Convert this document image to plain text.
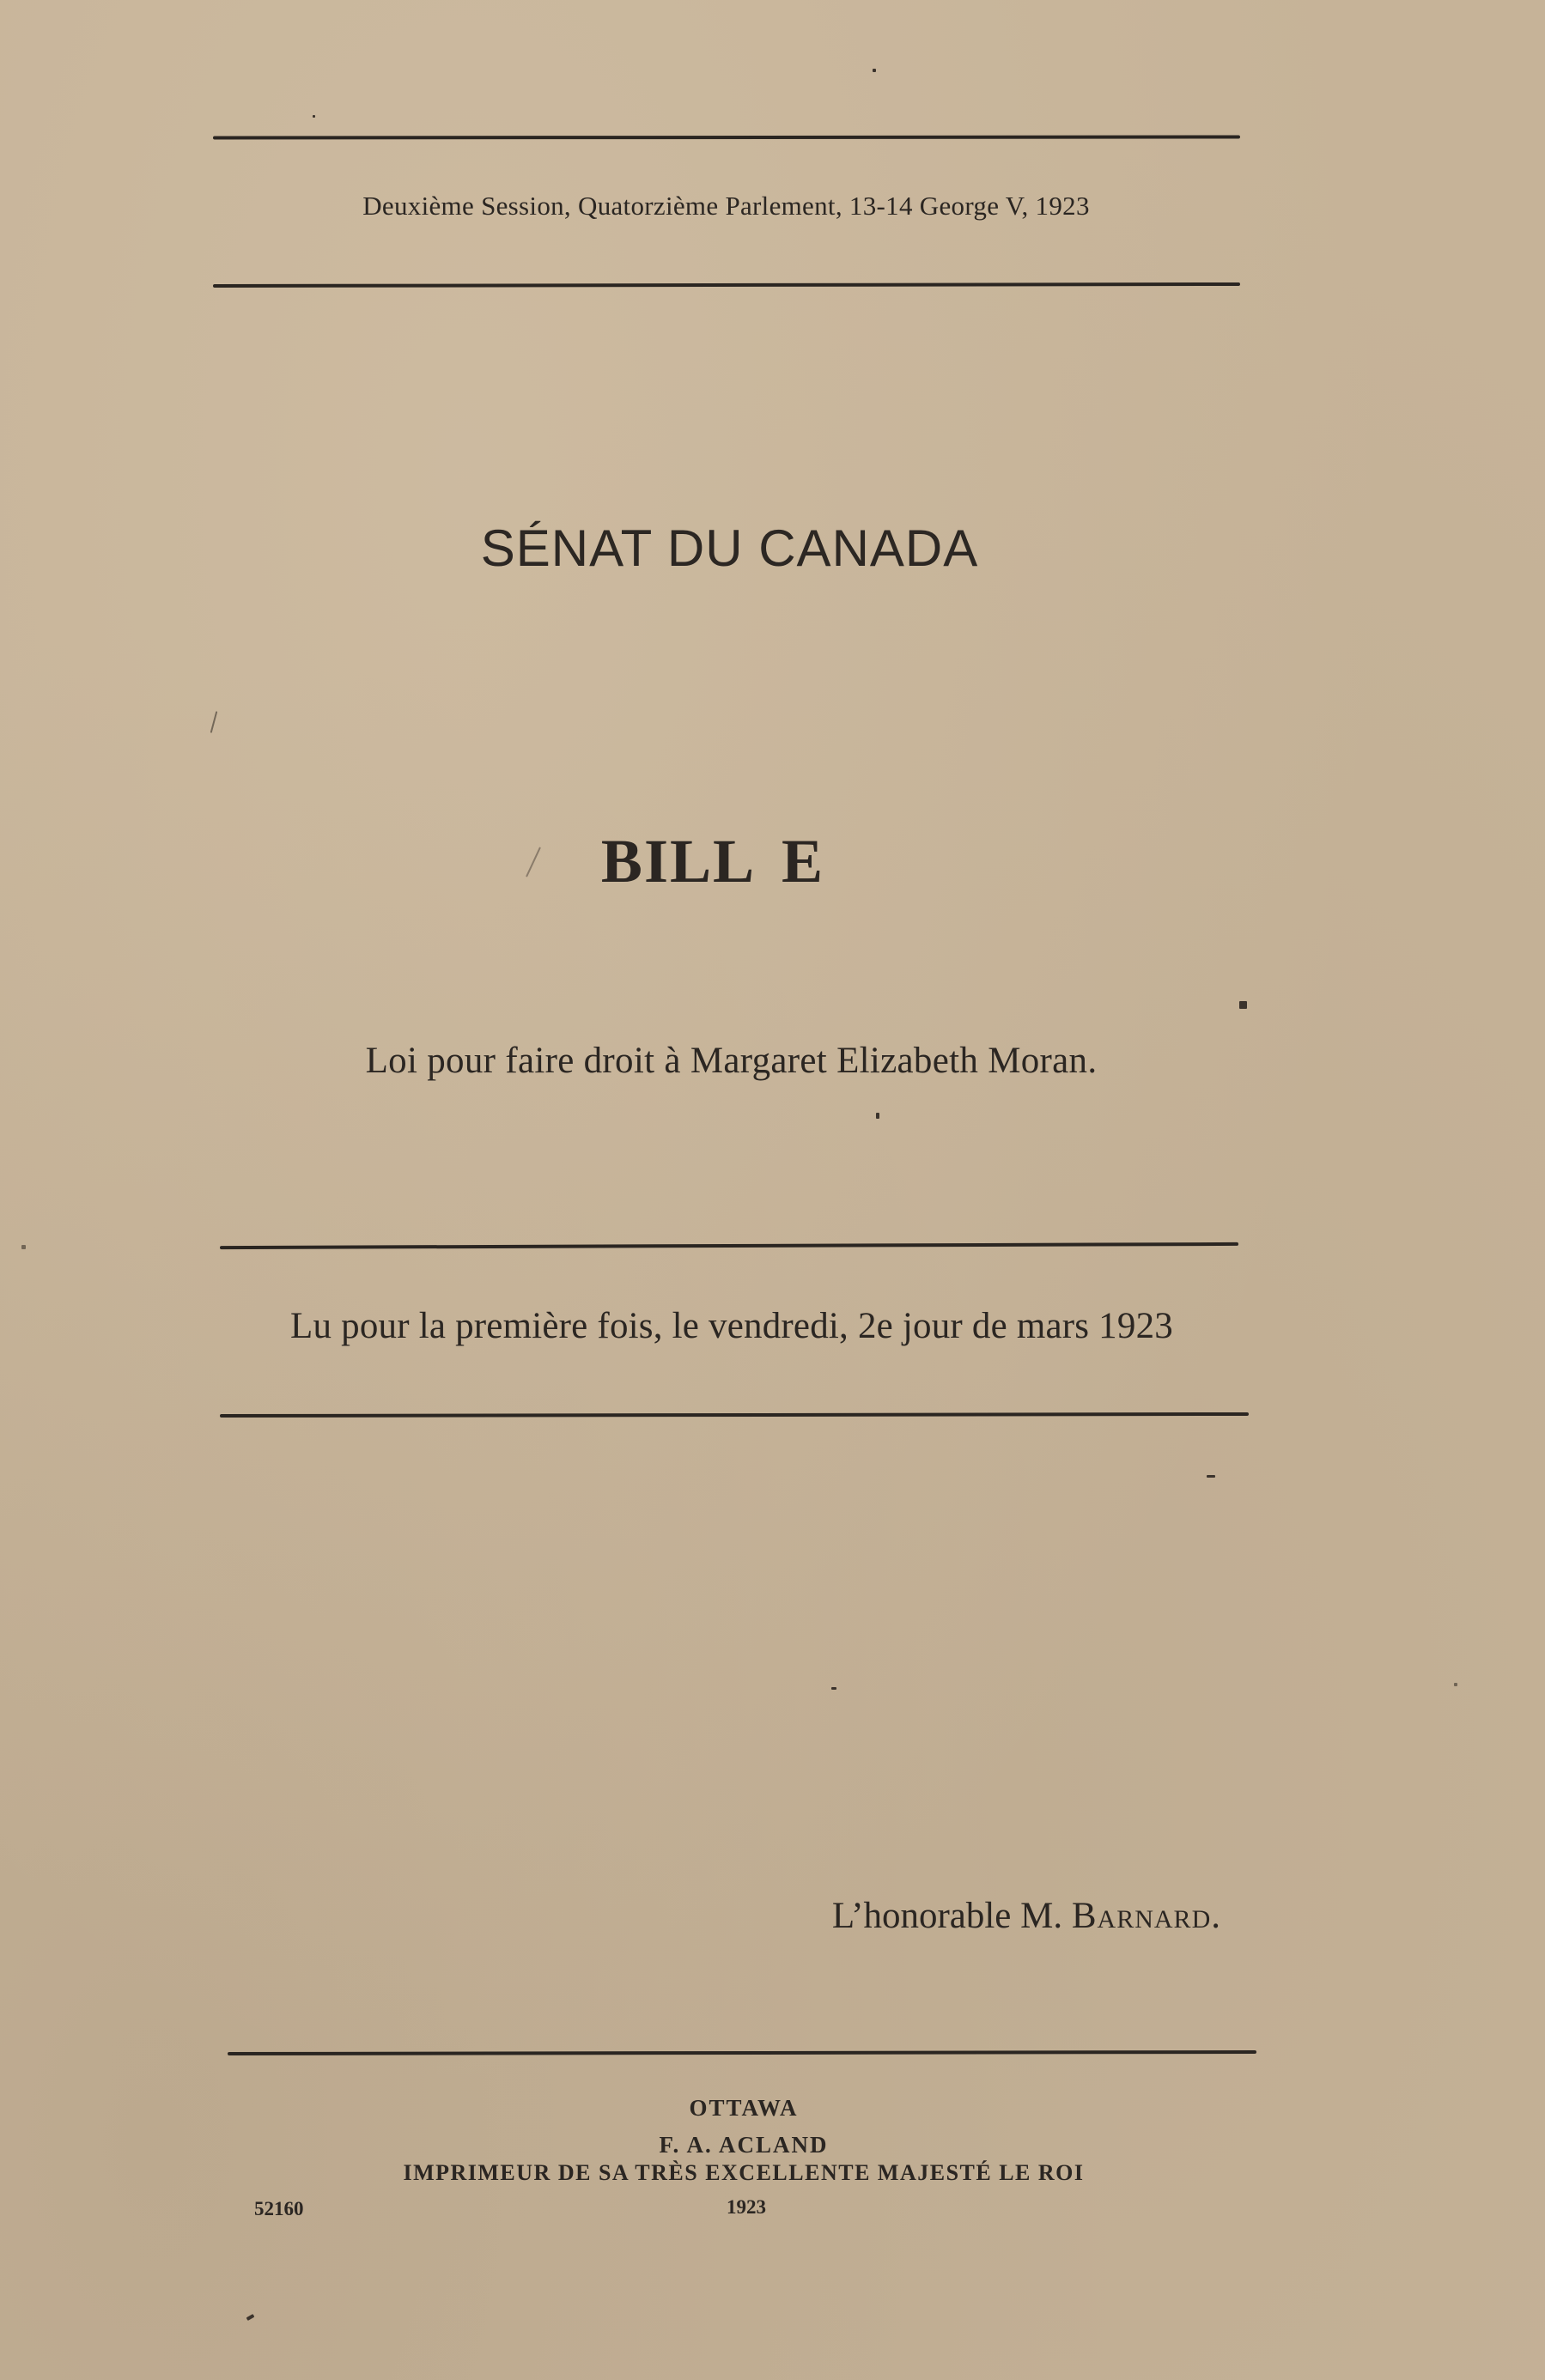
Deuxième Session, Quatorzième Parlement, 13-14 George V, 1923
SÉNAT DU CANADA
BILL E
Loi pour faire droit à Margaret Elizabeth Moran.
Lu pour la première fois, le vendredi, 2e jour de mars 1923
L’honorable M. Barnard.
OTTAWA
F. A. ACLAND
IMPRIMEUR DE SA TRÈS EXCELLENTE MAJESTÉ LE ROI
1923
52160
